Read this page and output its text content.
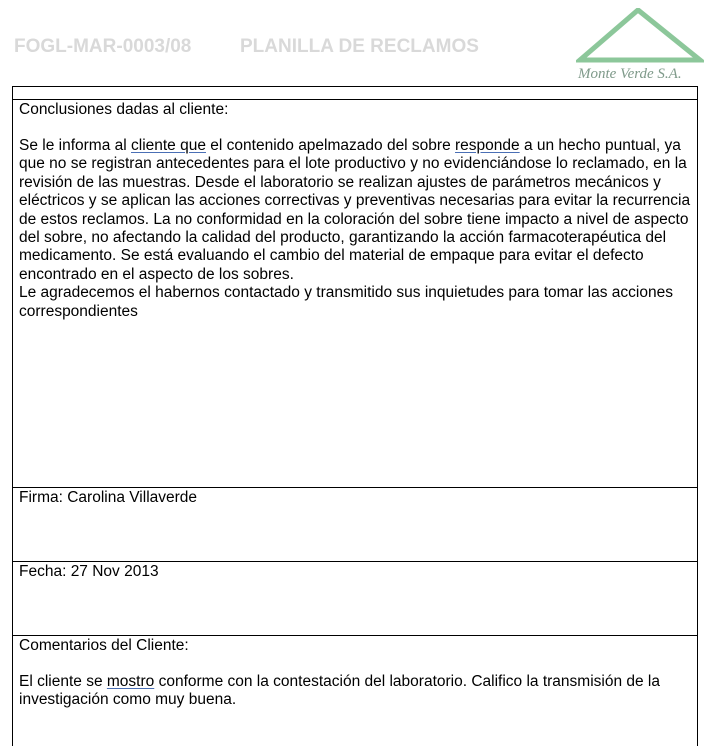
FOGL-MAR-0003/08	PLANILLA DE RECLAMOS
Monte Verde S.A.
Conclusiones dadas al cliente:
Se le informa al cliente que el contenido apelmazado del sobre responde a un hecho puntual, ya que no se registran antecedentes para el lote productivo y no evidenciándose lo reclamado, en la revisión de las muestras. Desde el laboratorio se realizan ajustes de parámetros mecánicos y eléctricos y se aplican las acciones correctivas y preventivas necesarias para evitar la recurrencia de estos reclamos. La no conformidad en la coloración del sobre tiene impacto a nivel de aspecto del sobre, no afectando la calidad del producto, garantizando la acción farmacoterapéutica del medicamento. Se está evaluando el cambio del material de empaque para evitar el defecto encontrado en el aspecto de los sobres.
Le agradecemos el habernos contactado y transmitido sus inquietudes para tomar las acciones correspondientes
Firma: Carolina Villaverde
Fecha: 27 Nov 2013
Comentarios del Cliente:
El cliente se mostro conforme con la contestación del laboratorio. Califico la transmisión de la investigación como muy buena.
